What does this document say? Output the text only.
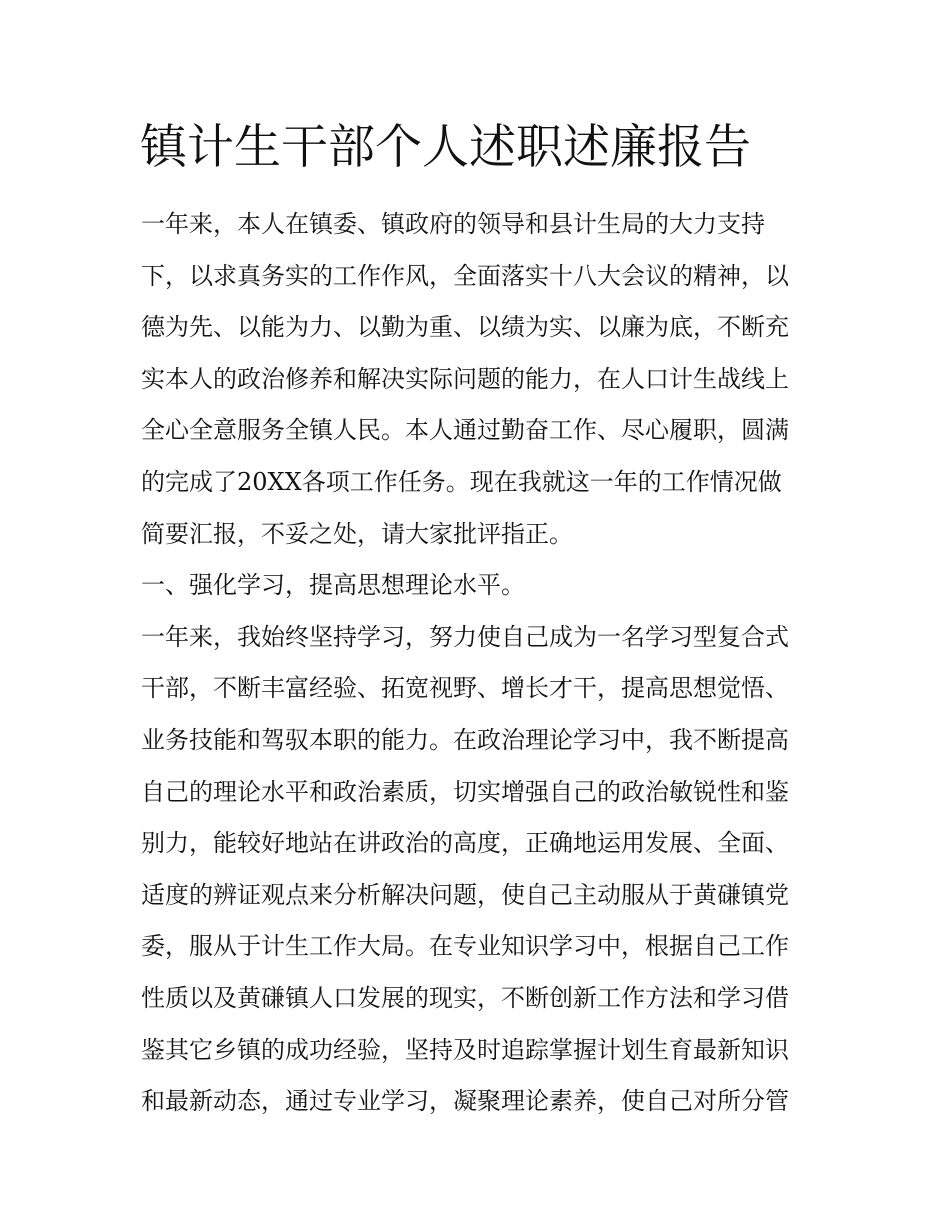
镇计生干部个人述职述廉报告
一年来，本人在镇委、镇政府的领导和县计生局的大力支持
下，以求真务实的工作作风，全面落实十八大会议的精神，以
德为先、以能为力、以勤为重、以绩为实、以廉为底，不断充
实本人的政治修养和解决实际问题的能力，在人口计生战线上
全心全意服务全镇人民。本人通过勤奋工作、尽心履职，圆满
的完成了20XX各项工作任务。现在我就这一年的工作情况做
简要汇报，不妥之处，请大家批评指正。
一、强化学习，提高思想理论水平。
一年来，我始终坚持学习，努力使自己成为一名学习型复合式
干部，不断丰富经验、拓宽视野、增长才干，提高思想觉悟、
业务技能和驾驭本职的能力。在政治理论学习中，我不断提高
自己的理论水平和政治素质，切实增强自己的政治敏锐性和鉴
别力，能较好地站在讲政治的高度，正确地运用发展、全面、
适度的辨证观点来分析解决问题，使自己主动服从于黄磏镇党
委，服从于计生工作大局。在专业知识学习中，根据自己工作
性质以及黄磏镇人口发展的现实，不断创新工作方法和学习借
鉴其它乡镇的成功经验，坚持及时追踪掌握计划生育最新知识
和最新动态，通过专业学习，凝聚理论素养，使自己对所分管
